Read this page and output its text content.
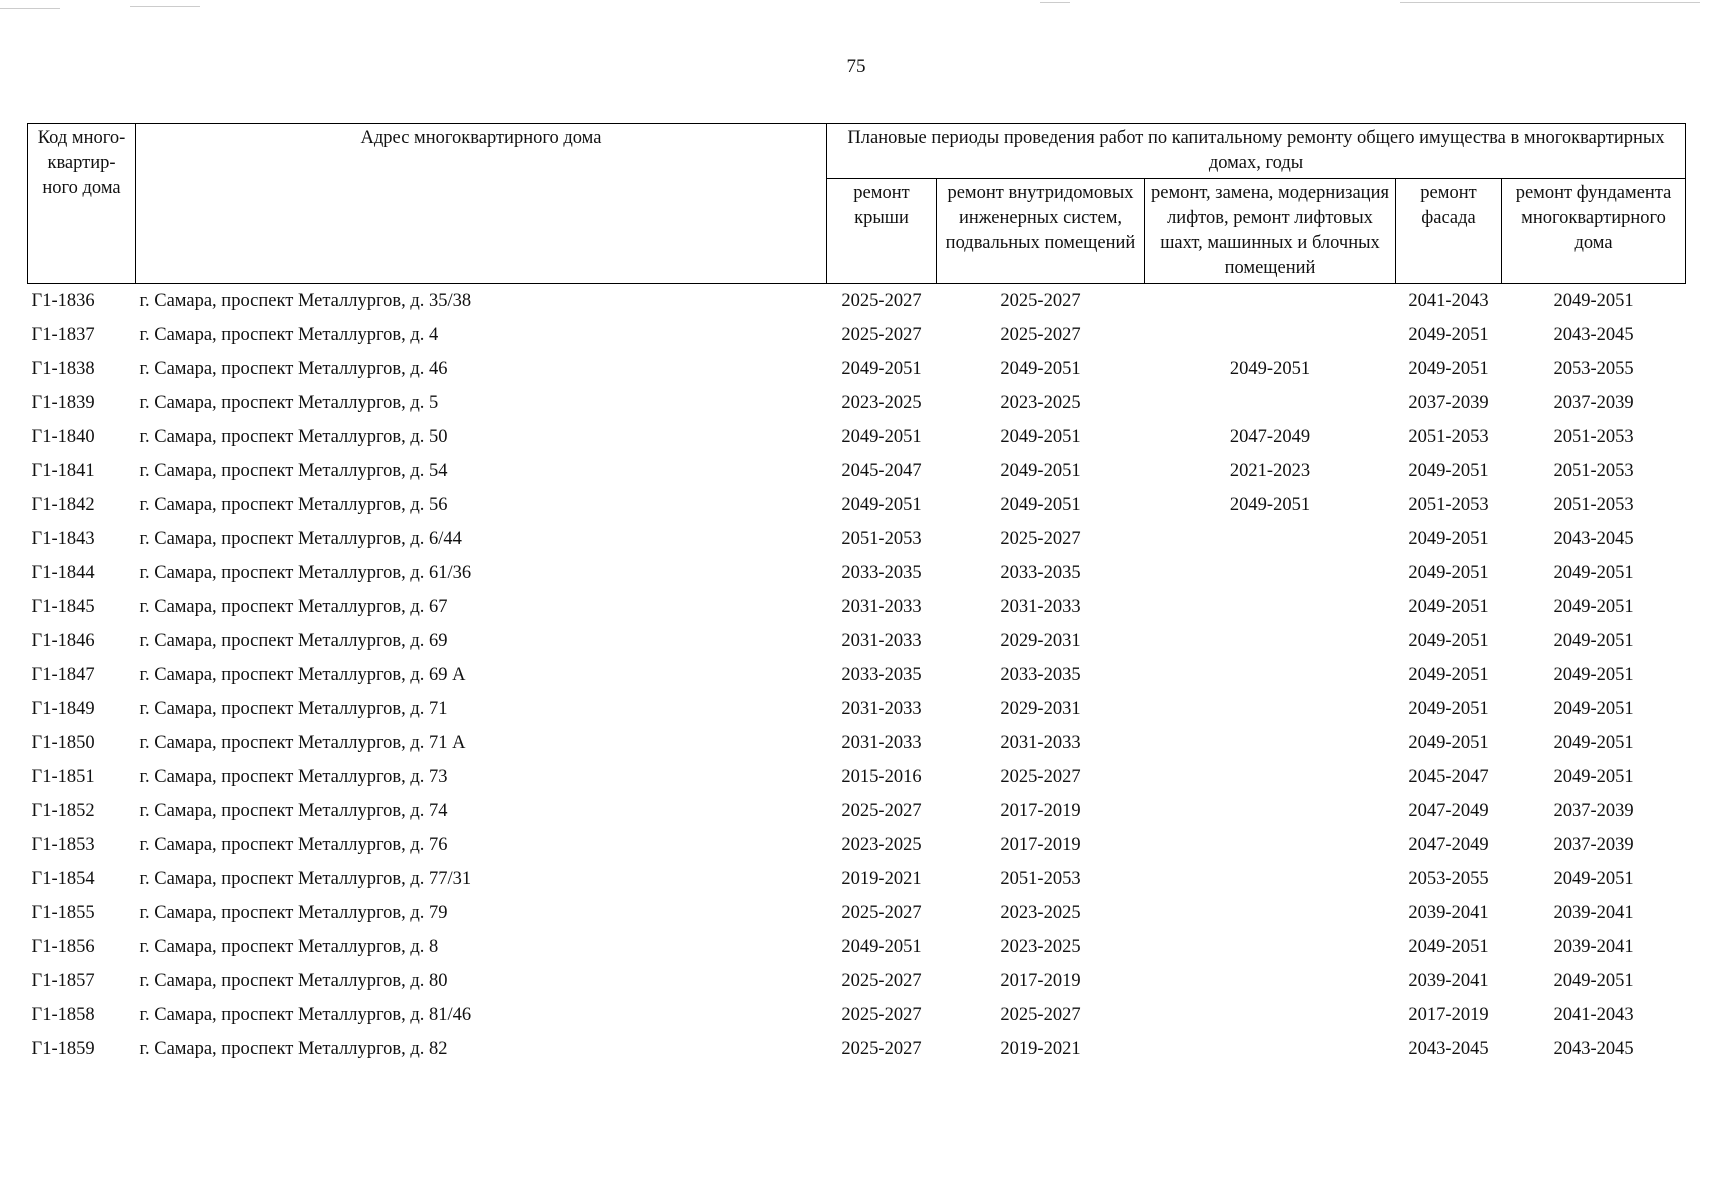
75
Код много-квартир-ного дома	Адрес многоквартирного дома	Плановые периоды проведения работ по капитальному ремонту общего имущества в многоквартирных домах, годы				
		ремонт крыши	ремонт внутридомовых инженерных систем, подвальных помещений	ремонт, замена, модернизация лифтов, ремонт лифтовых шахт, машинных и блочных помещений	ремонт фасада	ремонт фундамента многоквартирного дома
Г1-1836	г. Самара, проспект Металлургов, д. 35/38	2025-2027	2025-2027		2041-2043	2049-2051
Г1-1837	г. Самара, проспект Металлургов, д. 4	2025-2027	2025-2027		2049-2051	2043-2045
Г1-1838	г. Самара, проспект Металлургов, д. 46	2049-2051	2049-2051	2049-2051	2049-2051	2053-2055
Г1-1839	г. Самара, проспект Металлургов, д. 5	2023-2025	2023-2025		2037-2039	2037-2039
Г1-1840	г. Самара, проспект Металлургов, д. 50	2049-2051	2049-2051	2047-2049	2051-2053	2051-2053
Г1-1841	г. Самара, проспект Металлургов, д. 54	2045-2047	2049-2051	2021-2023	2049-2051	2051-2053
Г1-1842	г. Самара, проспект Металлургов, д. 56	2049-2051	2049-2051	2049-2051	2051-2053	2051-2053
Г1-1843	г. Самара, проспект Металлургов, д. 6/44	2051-2053	2025-2027		2049-2051	2043-2045
Г1-1844	г. Самара, проспект Металлургов, д. 61/36	2033-2035	2033-2035		2049-2051	2049-2051
Г1-1845	г. Самара, проспект Металлургов, д. 67	2031-2033	2031-2033		2049-2051	2049-2051
Г1-1846	г. Самара, проспект Металлургов, д. 69	2031-2033	2029-2031		2049-2051	2049-2051
Г1-1847	г. Самара, проспект Металлургов, д. 69 А	2033-2035	2033-2035		2049-2051	2049-2051
Г1-1849	г. Самара, проспект Металлургов, д. 71	2031-2033	2029-2031		2049-2051	2049-2051
Г1-1850	г. Самара, проспект Металлургов, д. 71 А	2031-2033	2031-2033		2049-2051	2049-2051
Г1-1851	г. Самара, проспект Металлургов, д. 73	2015-2016	2025-2027		2045-2047	2049-2051
Г1-1852	г. Самара, проспект Металлургов, д. 74	2025-2027	2017-2019		2047-2049	2037-2039
Г1-1853	г. Самара, проспект Металлургов, д. 76	2023-2025	2017-2019		2047-2049	2037-2039
Г1-1854	г. Самара, проспект Металлургов, д. 77/31	2019-2021	2051-2053		2053-2055	2049-2051
Г1-1855	г. Самара, проспект Металлургов, д. 79	2025-2027	2023-2025		2039-2041	2039-2041
Г1-1856	г. Самара, проспект Металлургов, д. 8	2049-2051	2023-2025		2049-2051	2039-2041
Г1-1857	г. Самара, проспект Металлургов, д. 80	2025-2027	2017-2019		2039-2041	2049-2051
Г1-1858	г. Самара, проспект Металлургов, д. 81/46	2025-2027	2025-2027		2017-2019	2041-2043
Г1-1859	г. Самара, проспект Металлургов, д. 82	2025-2027	2019-2021		2043-2045	2043-2045
